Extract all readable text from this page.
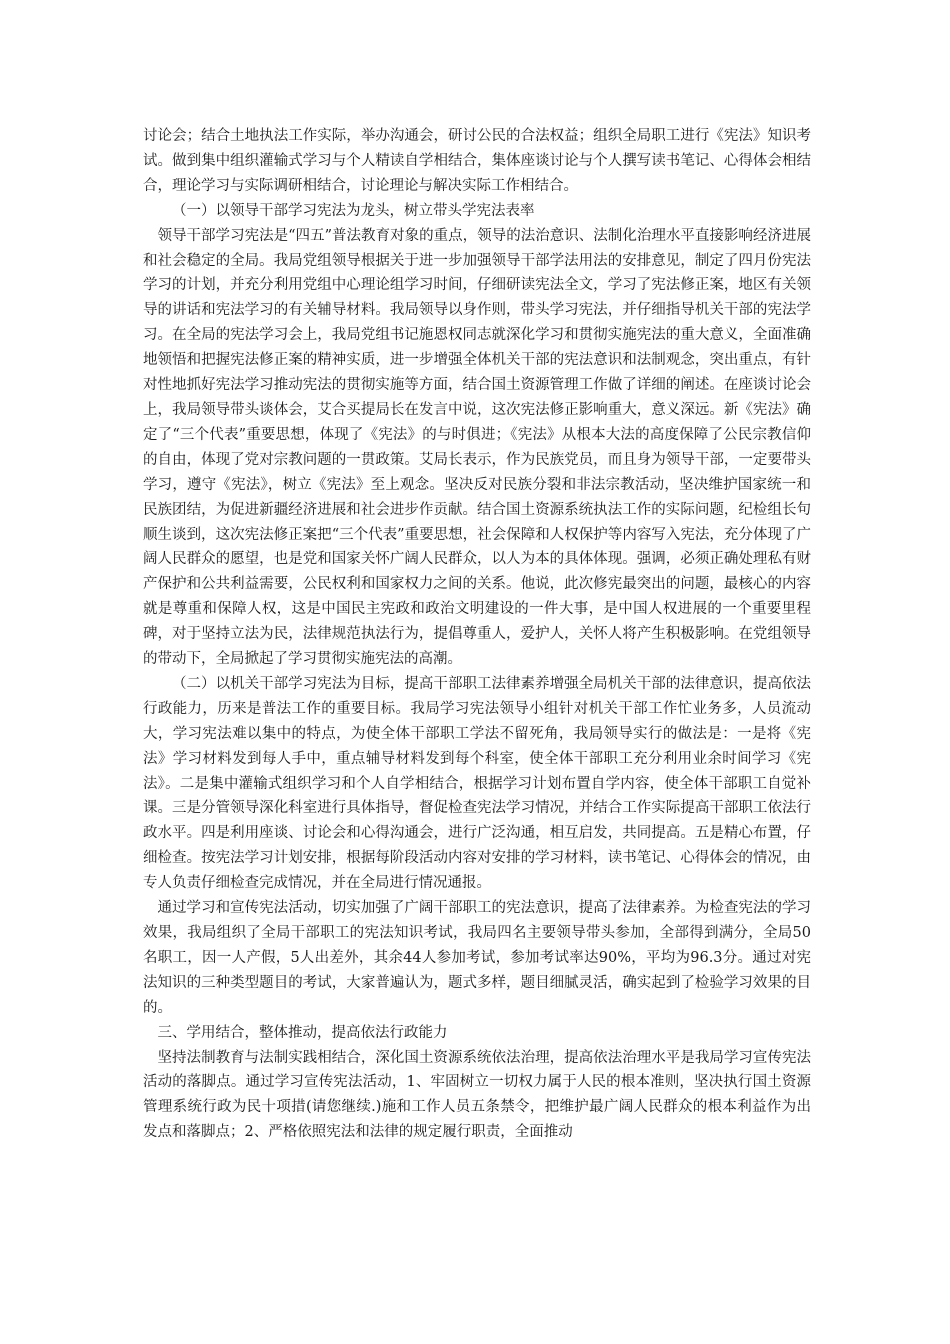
讨论会；结合土地执法工作实际，举办沟通会，研讨公民的合法权益；组织全局职工进行《宪法》知识考试。做到集中组织灌输式学习与个人精读自学相结合，集体座谈讨论与个人撰写读书笔记、心得体会相结合，理论学习与实际调研相结合，讨论理论与解决实际工作相结合。

（一）以领导干部学习宪法为龙头，树立带头学宪法表率

领导干部学习宪法是“四五”普法教育对象的重点，领导的法治意识、法制化治理水平直接影响经济进展和社会稳定的全局。我局党组领导根据关于进一步加强领导干部学法用法的安排意见，制定了四月份宪法学习的计划，并充分利用党组中心理论组学习时间，仔细研读宪法全文，学习了宪法修正案，地区有关领导的讲话和宪法学习的有关辅导材料。我局领导以身作则，带头学习宪法，并仔细指导机关干部的宪法学习。在全局的宪法学习会上，我局党组书记施恩权同志就深化学习和贯彻实施宪法的重大意义，全面准确地领悟和把握宪法修正案的精神实质，进一步增强全体机关干部的宪法意识和法制观念，突出重点，有针对性地抓好宪法学习推动宪法的贯彻实施等方面，结合国土资源管理工作做了详细的阐述。在座谈讨论会上，我局领导带头谈体会，艾合买提局长在发言中说，这次宪法修正影响重大，意义深远。新《宪法》确定了“三个代表”重要思想，体现了《宪法》的与时俱进；《宪法》从根本大法的高度保障了公民宗教信仰的自由，体现了党对宗教问题的一贯政策。艾局长表示，作为民族党员，而且身为领导干部，一定要带头学习，遵守《宪法》，树立《宪法》至上观念。坚决反对民族分裂和非法宗教活动，坚决维护国家统一和民族团结，为促进新疆经济进展和社会进步作贡献。结合国土资源系统执法工作的实际问题，纪检组长句顺生谈到，这次宪法修正案把“三个代表”重要思想，社会保障和人权保护等内容写入宪法，充分体现了广阔人民群众的愿望，也是党和国家关怀广阔人民群众，以人为本的具体体现。强调，必须正确处理私有财产保护和公共利益需要，公民权利和国家权力之间的关系。他说，此次修宪最突出的问题，最核心的内容就是尊重和保障人权，这是中国民主宪政和政治文明建设的一件大事，是中国人权进展的一个重要里程碑，对于坚持立法为民，法律规范执法行为，提倡尊重人，爱护人，关怀人将产生积极影响。在党组领导的带动下，全局掀起了学习贯彻实施宪法的高潮。

（二）以机关干部学习宪法为目标，提高干部职工法律素养增强全局机关干部的法律意识，提高依法行政能力，历来是普法工作的重要目标。我局学习宪法领导小组针对机关干部工作忙业务多，人员流动大，学习宪法难以集中的特点，为使全体干部职工学法不留死角，我局领导实行的做法是：一是将《宪法》学习材料发到每人手中，重点辅导材料发到每个科室，使全体干部职工充分利用业余时间学习《宪法》。二是集中灌输式组织学习和个人自学相结合，根据学习计划布置自学内容，使全体干部职工自觉补课。三是分管领导深化科室进行具体指导，督促检查宪法学习情况，并结合工作实际提高干部职工依法行政水平。四是利用座谈、讨论会和心得沟通会，进行广泛沟通，相互启发，共同提高。五是精心布置，仔细检查。按宪法学习计划安排，根据每阶段活动内容对安排的学习材料，读书笔记、心得体会的情况，由专人负责仔细检查完成情况，并在全局进行情况通报。

通过学习和宣传宪法活动，切实加强了广阔干部职工的宪法意识，提高了法律素养。为检查宪法的学习效果，我局组织了全局干部职工的宪法知识考试，我局四名主要领导带头参加，全部得到满分，全局50名职工，因一人产假，5人出差外，其余44人参加考试，参加考试率达90%，平均为96.3分。通过对宪法知识的三种类型题目的考试，大家普遍认为，题式多样，题目细腻灵活，确实起到了检验学习效果的目的。

三、学用结合，整体推动，提高依法行政能力

坚持法制教育与法制实践相结合，深化国土资源系统依法治理，提高依法治理水平是我局学习宣传宪法活动的落脚点。通过学习宣传宪法活动，1、牢固树立一切权力属于人民的根本准则，坚决执行国土资源管理系统行政为民十项措(请您继续.)施和工作人员五条禁令，把维护最广阔人民群众的根本利益作为出发点和落脚点；2、严格依照宪法和法律的规定履行职责，全面推动
